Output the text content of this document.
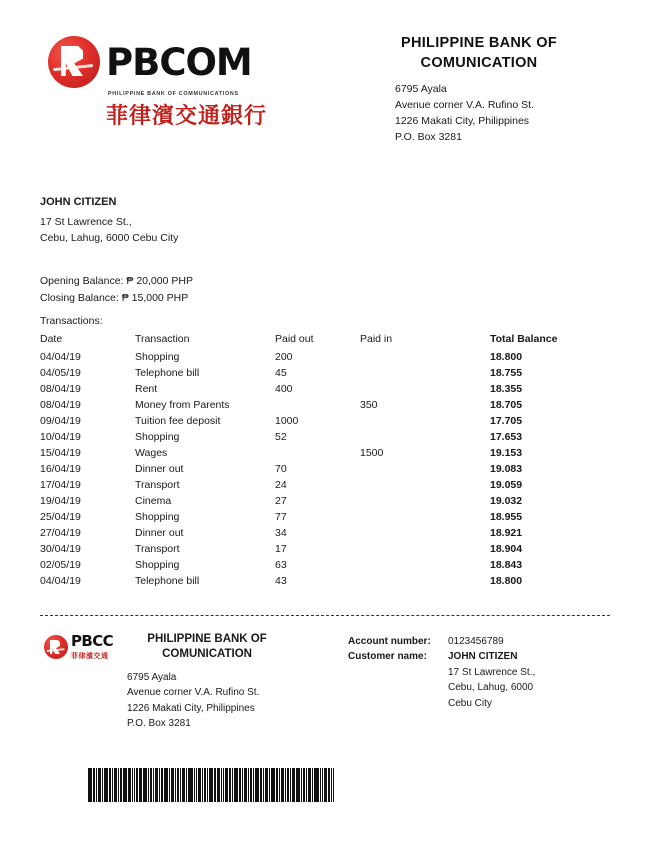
PBCOM
PHILIPPINE BANK OF COMMUNICATIONS
菲律濱交通銀行
PHILIPPINE BANK OF
COMUNICATION
6795 Ayala
Avenue corner V.A. Rufino St.
1226 Makati City, Philippines
P.O. Box 3281
JOHN CITIZEN
17 St Lawrence St.,
Cebu, Lahug, 6000 Cebu City
Opening Balance: ₱ 20,000 PHP
Closing Balance: ₱ 15,000 PHP
Transactions:
Date	Transaction	Paid out	Paid in	Total Balance
04/04/19	Shopping	200		18.800
04/05/19	Telephone bill	45		18.755
08/04/19	Rent	400		18.355
08/04/19	Money from Parents		350	18.705
09/04/19	Tuition fee deposit	1000		17.705
10/04/19	Shopping	52		17.653
15/04/19	Wages		1500	19.153
16/04/19	Dinner out	70		19.083
17/04/19	Transport	24		19.059
19/04/19	Cinema	27		19.032
25/04/19	Shopping	77		18.955
27/04/19	Dinner out	34		18.921
30/04/19	Transport	17		18.904
02/05/19	Shopping	63		18.843
04/04/19	Telephone bill	43		18.800
PBCC
菲律濱交通
PHILIPPINE BANK OF
COMUNICATION
6795 Ayala
Avenue corner V.A. Rufino St.
1226 Makati City, Philippines
P.O. Box 3281
Account number:	0123456789
Customer name:	JOHN CITIZEN
17 St Lawrence St.,
Cebu, Lahug, 6000
Cebu City
